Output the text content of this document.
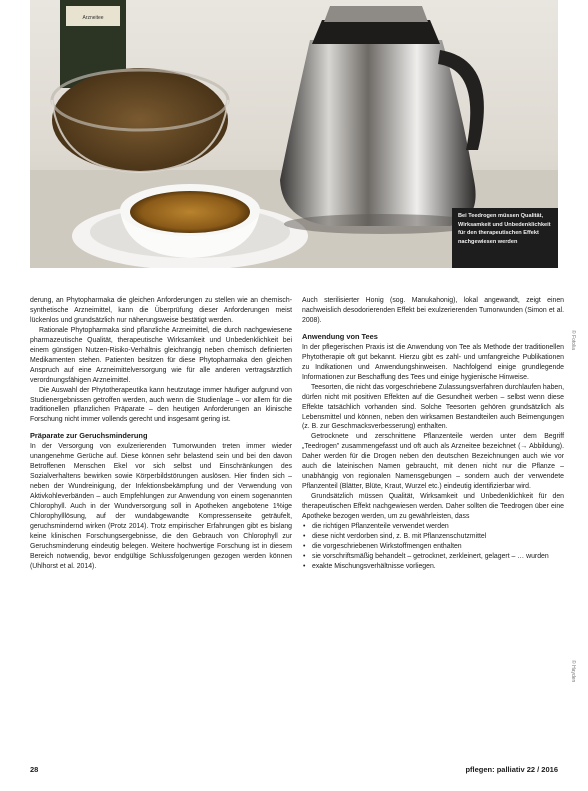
Arzneitee
Bei Teedrogen müssen Qualität, Wirksamkeit und Unbedenklichkeit für den therapeutischen Effekt nachgewiesen werden

derung, an Phytopharmaka die gleichen Anforderungen zu stellen wie an chemisch-synthetische Arzneimittel, kann die Überprüfung dieser Anforderungen meist lückenlos und grundsätzlich nur näherungsweise bestätigt werden.

Rationale Phytopharmaka sind pflanzliche Arzneimittel, die durch nachgewiesene pharmazeutische Qualität, therapeutische Wirksamkeit und Unbedenklichkeit bei einem günstigen Nutzen-Risiko-Verhältnis gleichrangig neben chemisch definierten Medikamenten stehen. Patienten besitzen für diese Phytopharmaka den gleichen Anspruch auf eine Arzneimittelversorgung wie für alle anderen vertragsärztlich verordnungsfähigen Arzneimittel.

Die Auswahl der Phytotherapeutika kann heutzutage immer häufiger aufgrund von Studienergebnissen getroffen werden, auch wenn die Studienlage – vor allem für die traditionellen pflanzlichen Präparate – den heutigen Anforderungen an klinische Forschung nicht immer vollends gerecht und insgesamt gering ist.

Präparate zur Geruchsminderung

In der Versorgung von exulzerierenden Tumorwunden treten immer wieder unangenehme Gerüche auf. Diese können sehr belastend sein und bei den davon Betroffenen Menschen Ekel vor sich selbst und Einschränkungen des Sozialverhaltens bewirken sowie Körperbildstörungen auslösen. Hier finden sich – neben der Wundreinigung, der Infektionsbekämpfung und der Verwendung von Aktivkohleverbänden – auch Empfehlungen zur Anwendung von einem sogenannten Chlorophyll. Auch in der Wundversorgung soll in Apotheken angebotene 1%ige Chlorophylllösung, auf der wundabgewandte Kompressenseite geträufelt, geruchsmindernd wirken (Protz 2014). Trotz empirischer Erfahrungen gibt es bislang keine klinischen Forschungsergebnisse, die den Gebrauch von Chlorophyll zur Geruchsminderung eindeutig belegen. Weitere hochwertige Forschung ist in diesem Bereich notwendig, bevor endgültige Schlussfolgerungen gezogen werden können (Uhlhorst et al. 2014).

Auch sterilisierter Honig (sog. Manukahonig), lokal angewandt, zeigt einen nachweislich desodorierenden Effekt bei exulzerierenden Tumorwunden (Simon et al. 2008).

Anwendung von Tees

In der pflegerischen Praxis ist die Anwendung von Tee als Methode der traditionellen Phytotherapie oft gut bekannt. Hierzu gibt es zahl- und umfangreiche Publikationen zu Indikationen und Anwendungshinweisen. Nachfolgend einige grundlegende Informationen zur Beschaffung des Tees und einige hygienische Hinweise.

Teesorten, die nicht das vorgeschriebene Zulassungsverfahren durchlaufen haben, dürfen nicht mit positiven Effekten auf die Gesundheit werben – selbst wenn diese Effekte tatsächlich vorhanden sind. Solche Teesorten gehören grundsätzlich als Lebensmittel und können, neben den wirksamen Bestandteilen auch Beimengungen (z. B. zur Geschmacksverbesserung) enthalten.

Getrocknete und zerschnittene Pflanzenteile werden unter dem Begriff „Teedrogen" zusammengefasst und oft auch als Arzneitee bezeichnet (→ Abbildung). Daher werden für die Drogen neben den deutschen Bezeichnungen auch wie vor auch die lateinischen Namen gebraucht, mit denen nicht nur die Pflanze – unabhängig von regionalen Namensgebungen – sondern auch der verwendete Pflanzenteil (Blätter, Blüte, Kraut, Wurzel etc.) eindeutig identifizierbar wird.

Grundsätzlich müssen Qualität, Wirksamkeit und Unbedenklichkeit für den therapeutischen Effekt nachgewiesen werden. Daher sollten die Teedrogen über eine Apotheke bezogen werden, um zu gewährleisten, dass

• die richtigen Pflanzenteile verwendet werden
• diese nicht verdorben sind, z. B. mit Pflanzenschutzmittel
• die vorgeschriebenen Wirkstoffmengen enthalten
• sie vorschriftsmäßig behandelt – getrocknet, zerkleinert, gelagert – … wurden
• exakte Mischungsverhältnisse vorliegen.
28	pflegen: palliativ 22 / 2016
© Fotolia
© Hayden
